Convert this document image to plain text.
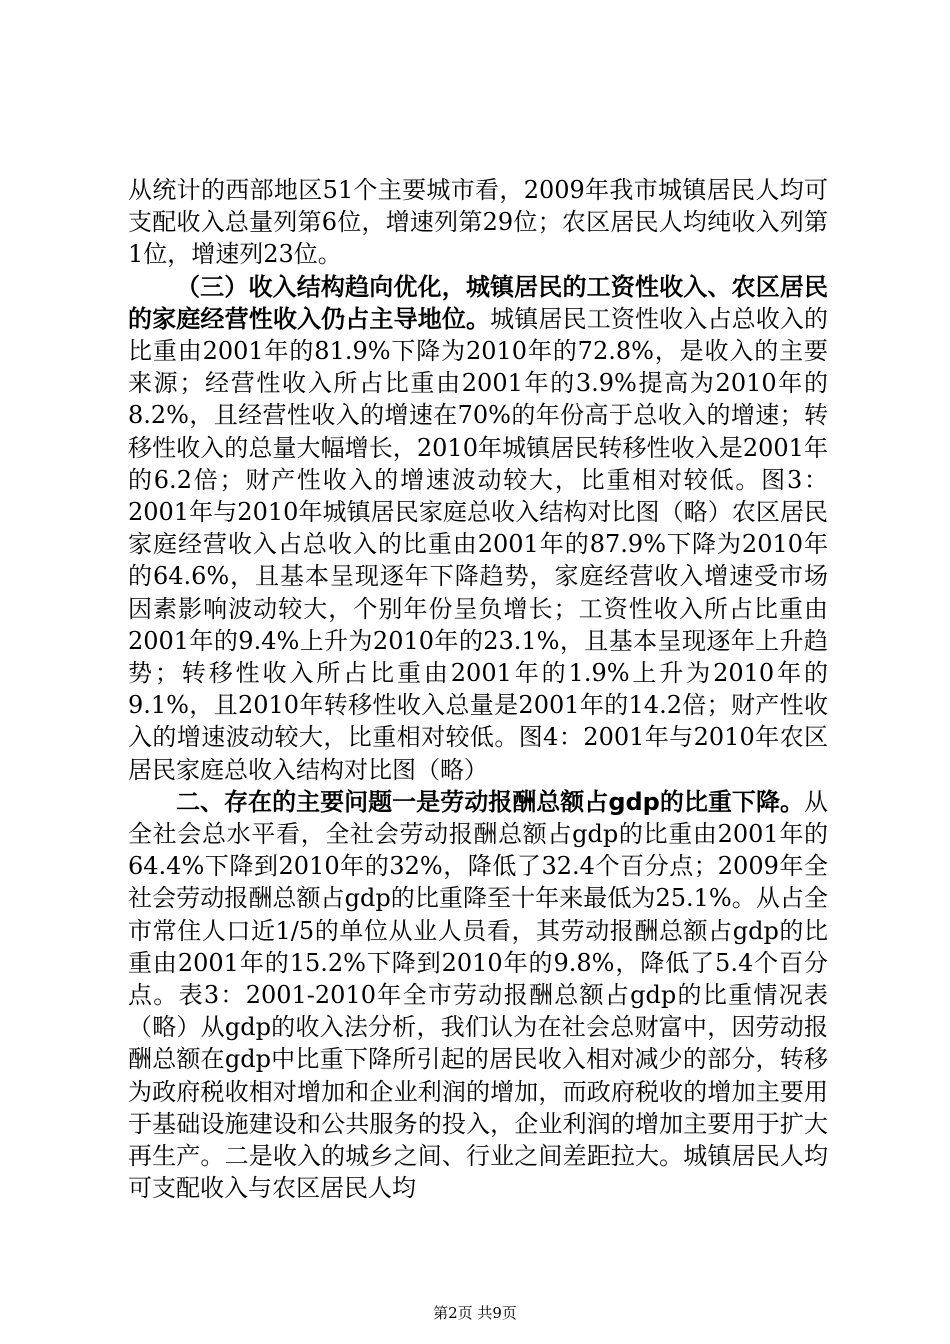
从统计的西部地区51个主要城市看，2009年我市城镇居民人均可支配收入总量列第6位，增速列第29位；农区居民人均纯收入列第1位，增速列23位。

（三）收入结构趋向优化，城镇居民的工资性收入、农区居民的家庭经营性收入仍占主导地位。城镇居民工资性收入占总收入的比重由2001年的81.9%下降为2010年的72.8%，是收入的主要来源；经营性收入所占比重由2001年的3.9%提高为2010年的8.2%，且经营性收入的增速在70%的年份高于总收入的增速；转移性收入的总量大幅增长，2010年城镇居民转移性收入是2001年的6.2倍；财产性收入的增速波动较大，比重相对较低。图3：2001年与2010年城镇居民家庭总收入结构对比图（略）农区居民家庭经营收入占总收入的比重由2001年的87.9%下降为2010年的64.6%，且基本呈现逐年下降趋势，家庭经营收入增速受市场因素影响波动较大，个别年份呈负增长；工资性收入所占比重由2001年的9.4%上升为2010年的23.1%，且基本呈现逐年上升趋势；转移性收入所占比重由2001年的1.9%上升为2010年的9.1%，且2010年转移性收入总量是2001年的14.2倍；财产性收入的增速波动较大，比重相对较低。图4：2001年与2010年农区居民家庭总收入结构对比图（略）

二、存在的主要问题一是劳动报酬总额占gdp的比重下降。从全社会总水平看，全社会劳动报酬总额占gdp的比重由2001年的64.4%下降到2010年的32%，降低了32.4个百分点；2009年全社会劳动报酬总额占gdp的比重降至十年来最低为25.1%。从占全市常住人口近1/5的单位从业人员看，其劳动报酬总额占gdp的比重由2001年的15.2%下降到2010年的9.8%，降低了5.4个百分点。表3：2001-2010年全市劳动报酬总额占gdp的比重情况表（略）从gdp的收入法分析，我们认为在社会总财富中，因劳动报酬总额在gdp中比重下降所引起的居民收入相对减少的部分，转移为政府税收相对增加和企业利润的增加，而政府税收的增加主要用于基础设施建设和公共服务的投入，企业利润的增加主要用于扩大再生产。二是收入的城乡之间、行业之间差距拉大。城镇居民人均可支配收入与农区居民人均

第2页 共9页
